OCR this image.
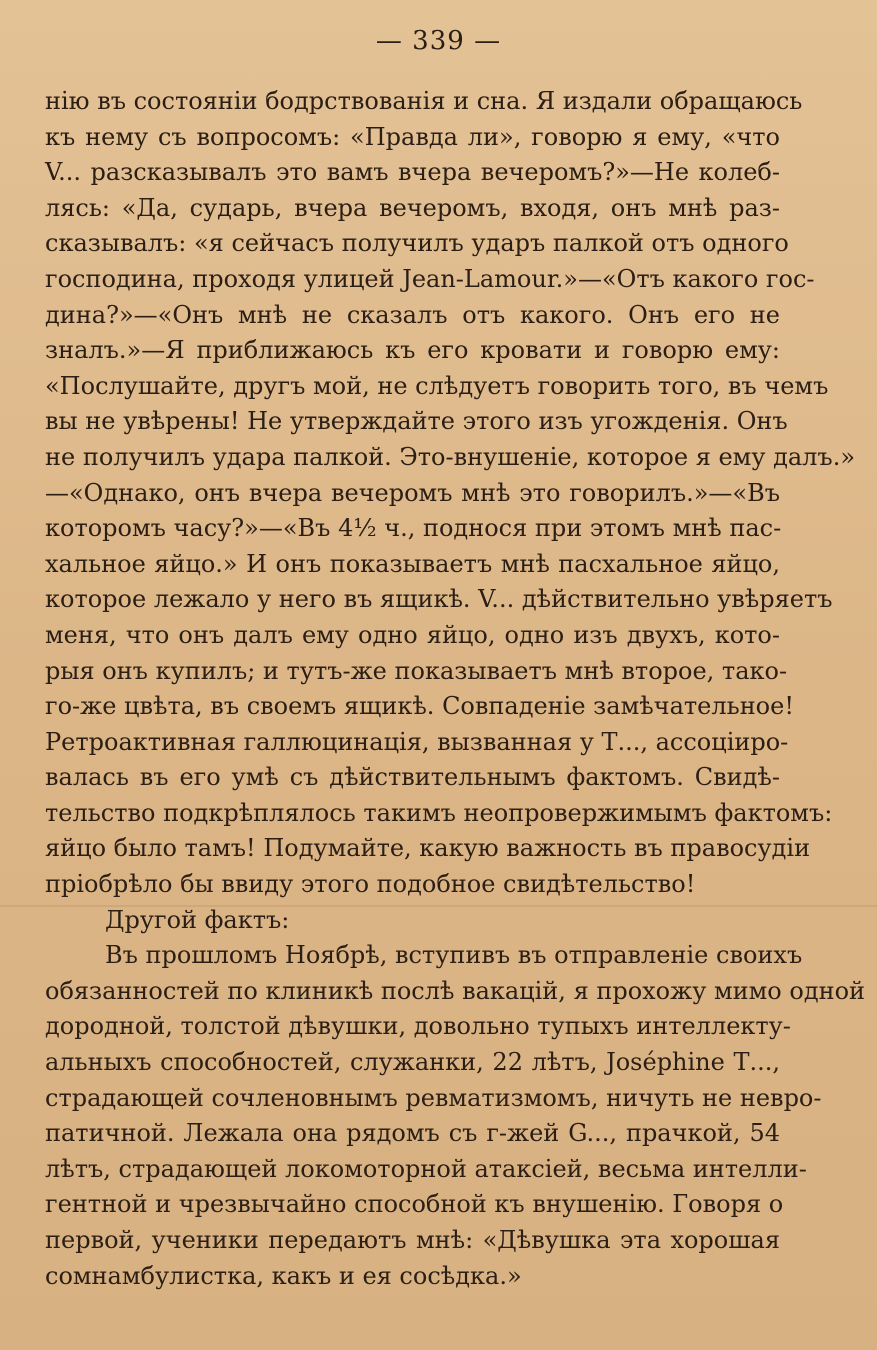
— 339 —
нію въ состояніи бодрствованія и сна. Я издали обращаюсь
къ нему съ вопросомъ: «Правда ли», говорю я ему, «что
V... разсказывалъ это вамъ вчера вечеромъ?»—Не колеб-
лясь: «Да, сударь, вчера вечеромъ, входя, онъ мнѣ раз-
сказывалъ: «я сейчасъ получилъ ударъ палкой отъ одного
господина, проходя улицей Jean-Lamour.»—«Отъ какого гос-
дина?»—«Онъ мнѣ не сказалъ отъ какого. Онъ его не
зналъ.»—Я приближаюсь къ его кровати и говорю ему:
«Послушайте, другъ мой, не слѣдуетъ говорить того, въ чемъ
вы не увѣрены! Не утверждайте этого изъ угожденія. Онъ
не получилъ удара палкой. Это-внушеніе, которое я ему далъ.»
—«Однако, онъ вчера вечеромъ мнѣ это говорилъ.»—«Въ
которомъ часу?»—«Въ 4½ ч., поднося при этомъ мнѣ пас-
хальное яйцо.» И онъ показываетъ мнѣ пасхальное яйцо,
которое лежало у него въ ящикѣ. V... дѣйствительно увѣряетъ
меня, что онъ далъ ему одно яйцо, одно изъ двухъ, кото-
рыя онъ купилъ; и тутъ-же показываетъ мнѣ второе, тако-
го-же цвѣта, въ своемъ ящикѣ. Совпаденіе замѣчательное!
Ретроактивная галлюцинація, вызванная у Т..., ассоціиро-
валась въ его умѣ съ дѣйствительнымъ фактомъ. Свидѣ-
тельство подкрѣплялось такимъ неопровержимымъ фактомъ:
яйцо было тамъ! Подумайте, какую важность въ правосудіи
пріобрѣло бы ввиду этого подобное свидѣтельство!
Другой фактъ:
Въ прошломъ Ноябрѣ, вступивъ въ отправленіе своихъ
обязанностей по клиникѣ послѣ вакацій, я прохожу мимо одной
дородной, толстой дѣвушки, довольно тупыхъ интеллекту-
альныхъ способностей, служанки, 22 лѣтъ, Joséphine Т...,
страдающей сочленовнымъ ревматизмомъ, ничуть не невро-
патичной. Лежала она рядомъ съ г-жей G..., прачкой, 54
лѣтъ, страдающей локомоторной атаксіей, весьма интелли-
гентной и чрезвычайно способной къ внушенію. Говоря о
первой, ученики передаютъ мнѣ: «Дѣвушка эта хорошая
сомнамбулистка, какъ и ея сосѣдка.»
